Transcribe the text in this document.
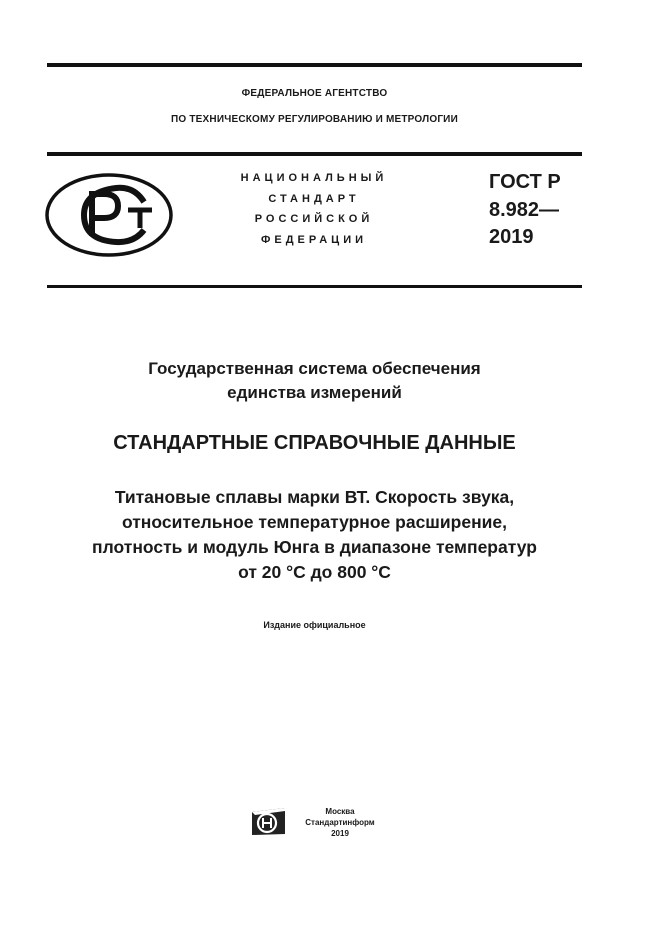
ФЕДЕРАЛЬНОЕ АГЕНТСТВО
ПО ТЕХНИЧЕСКОМУ РЕГУЛИРОВАНИЮ И МЕТРОЛОГИИ
НАЦИОНАЛЬНЫЙ
СТАНДАРТ
РОССИЙСКОЙ
ФЕДЕРАЦИИ
ГОСТ Р
8.982—
2019
Государственная система обеспечения
единства измерений
СТАНДАРТНЫЕ СПРАВОЧНЫЕ ДАННЫЕ
Титановые сплавы марки ВТ. Скорость звука,
относительное температурное расширение,
плотность и модуль Юнга в диапазоне температур
от 20 °С до 800 °С
Издание официальное
Москва
Стандартинформ
2019
